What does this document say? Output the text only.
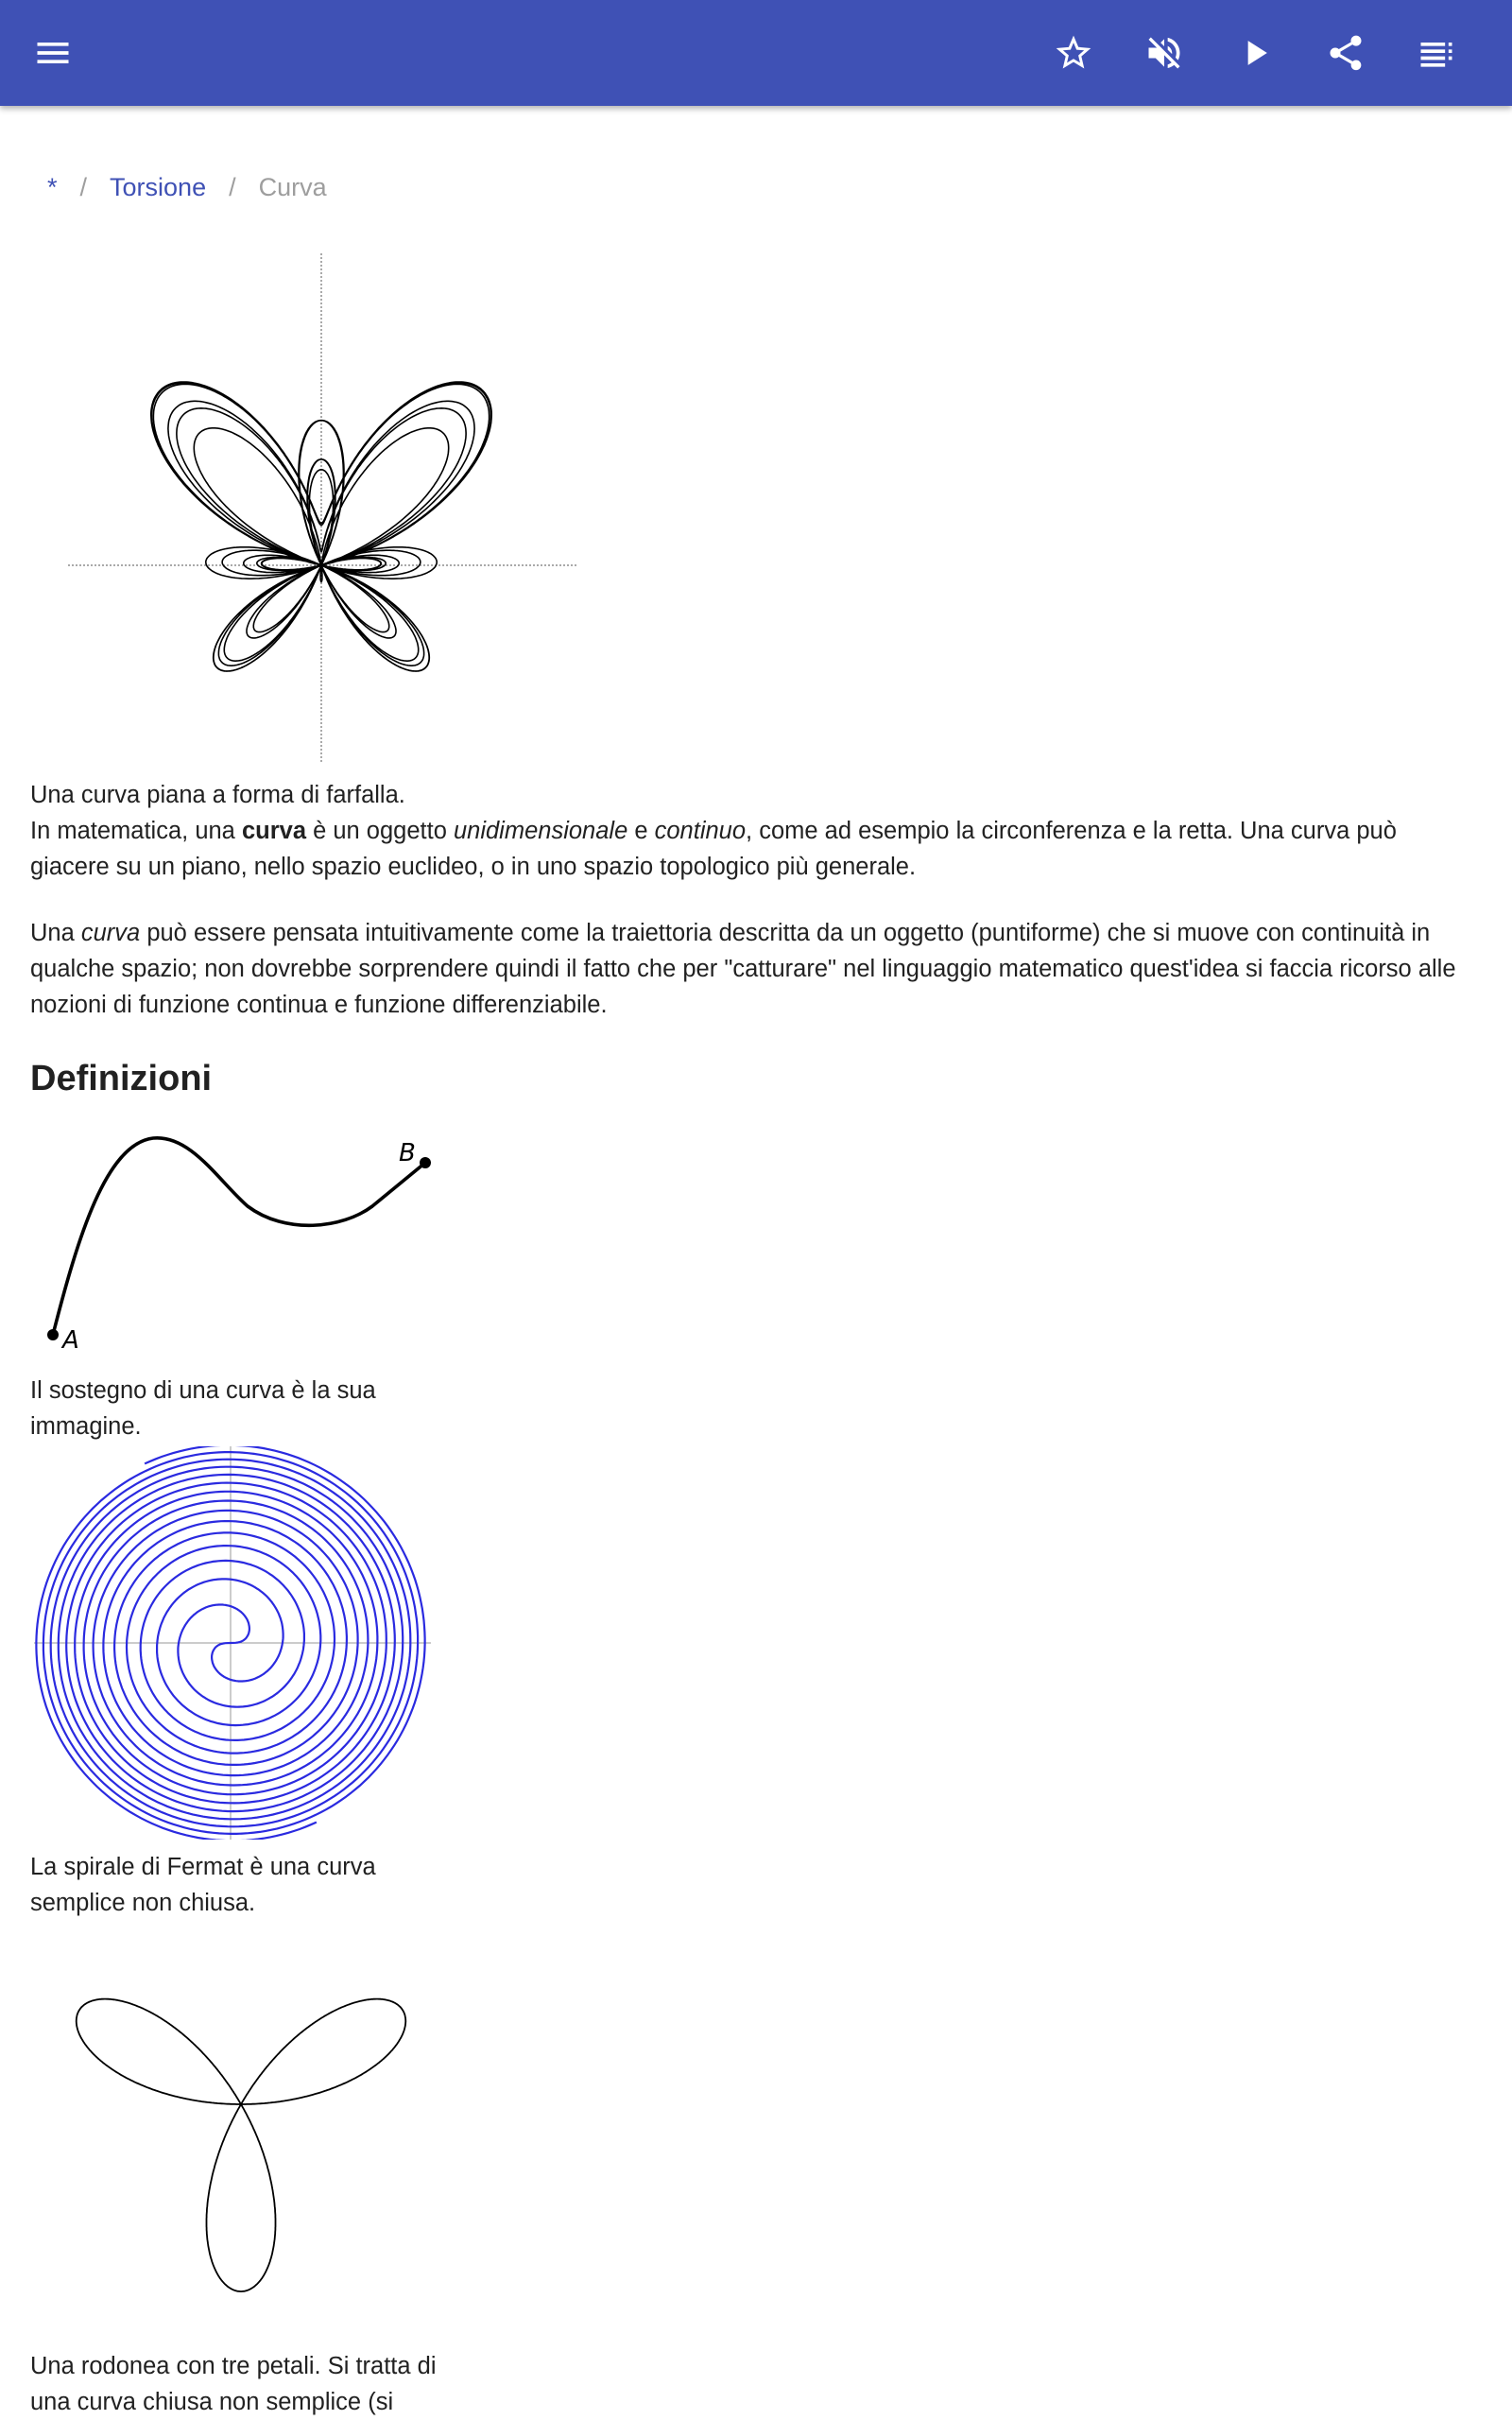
* / Torsione / Curva
Una curva piana a forma di farfalla.

In matematica, una curva è un oggetto unidimensionale e continuo, come ad esempio la circonferenza e la retta. Una curva può giacere su un piano, nello spazio euclideo, o in uno spazio topologico più generale.

Una curva può essere pensata intuitivamente come la traiettoria descritta da un oggetto (puntiforme) che si muove con continuità in qualche spazio; non dovrebbe sorprendere quindi il fatto che per "catturare" nel linguaggio matematico quest'idea si faccia ricorso alle nozioni di funzione continua e funzione differenziabile.

Definizioni
A
B
Il sostegno di una curva è la sua
immagine.
La spirale di Fermat è una curva
semplice non chiusa.
Una rodonea con tre petali. Si tratta di
una curva chiusa non semplice (si
